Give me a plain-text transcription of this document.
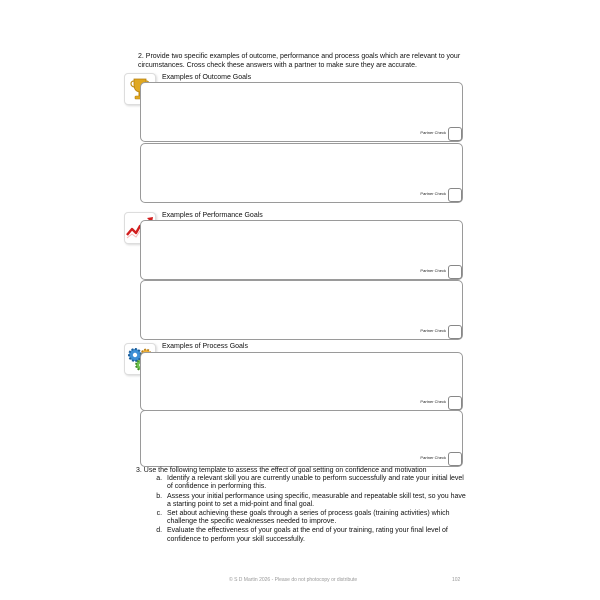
2. Provide two specific examples of outcome, performance and process goals which are relevant to your circumstances. Cross check these answers with a partner to make sure they are accurate.
Examples of Outcome Goals
Partner Check
Partner Check
Examples of Performance Goals
Partner Check
Partner Check
Examples of Process Goals
Partner Check
Partner Check
3. Use the following template to assess the effect of goal setting on confidence and motivation
a. Identify a relevant skill you are currently unable to perform successfully and rate your initial level of confidence in performing this.
b. Assess your initial performance using specific, measurable and repeatable skill test, so you have a starting point to set a mid-point and final goal.
c. Set about achieving these goals through a series of process goals (training activities) which challenge the specific weaknesses needed to improve.
d. Evaluate the effectiveness of your goals at the end of your training, rating your final level of confidence to perform your skill successfully.
© S D Martin 2026 - Please do not photocopy or distribute	102
